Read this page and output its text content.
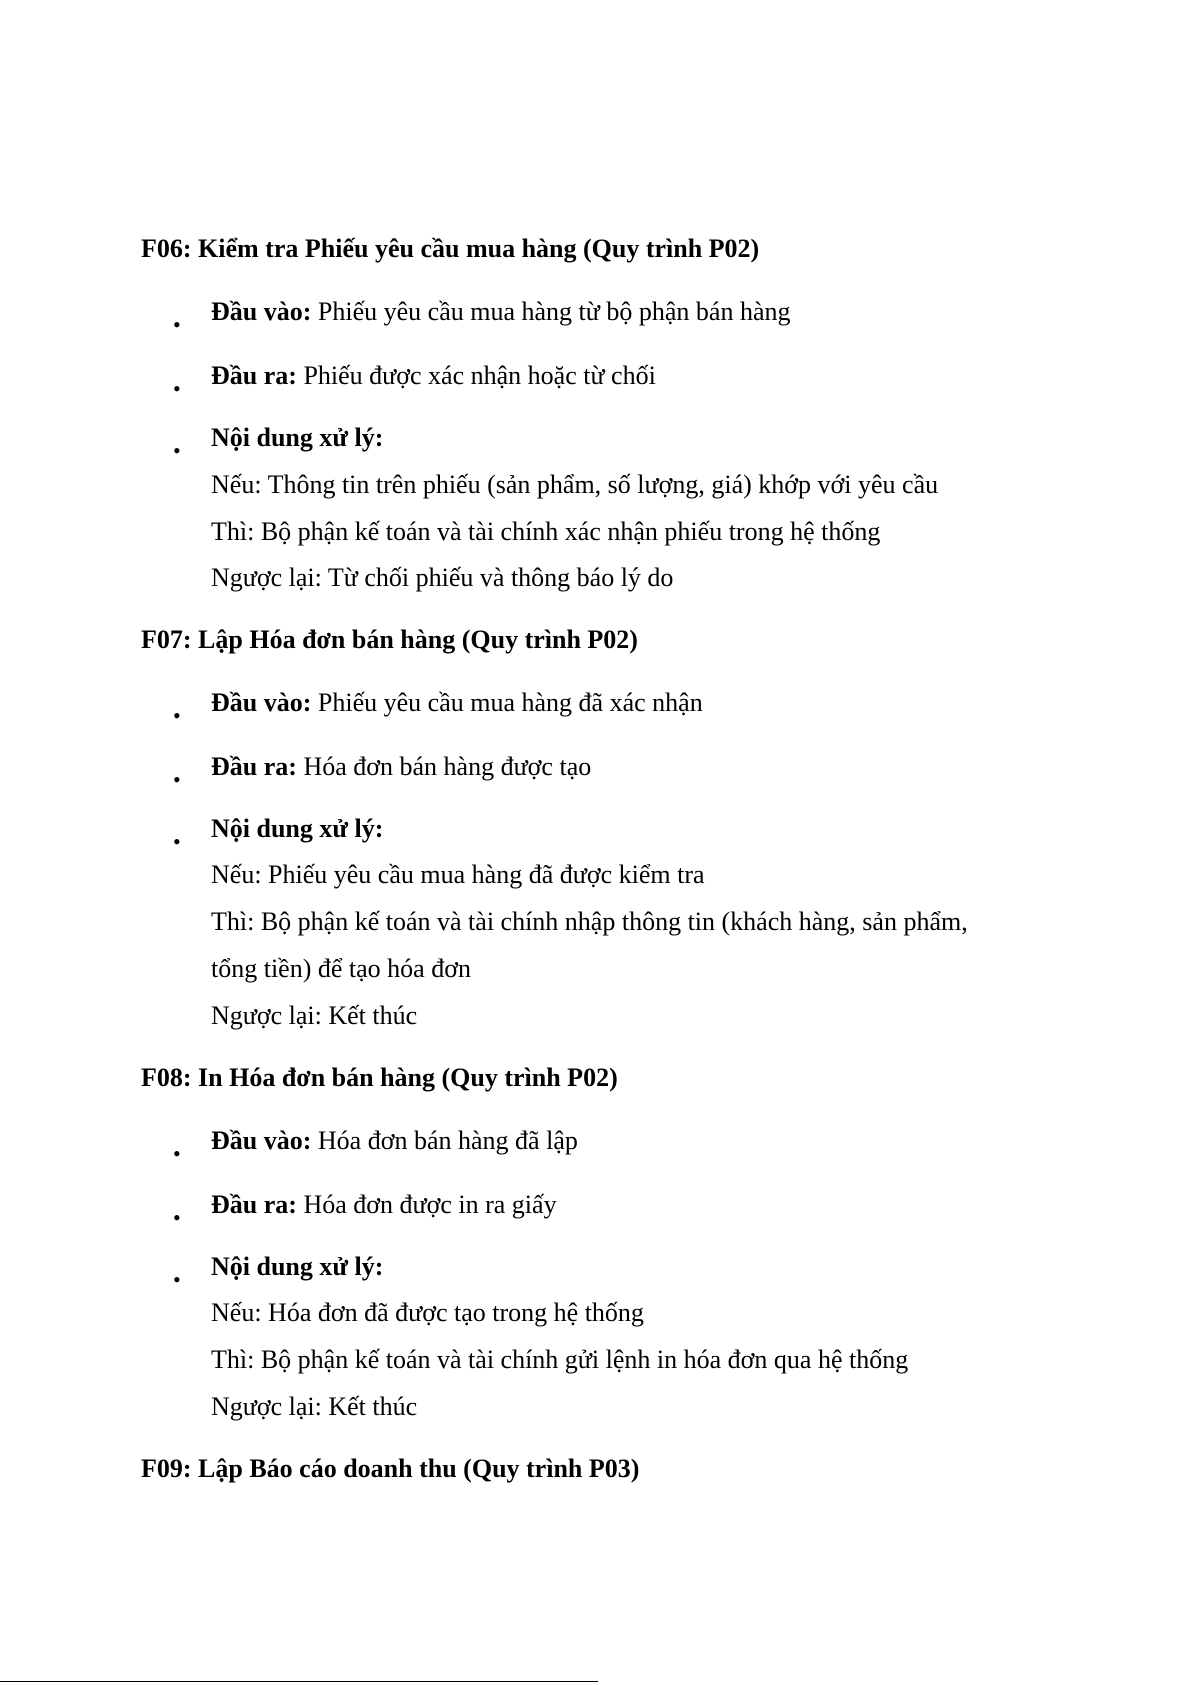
F06: Kiểm tra Phiếu yêu cầu mua hàng (Quy trình P02)
• Đầu vào: Phiếu yêu cầu mua hàng từ bộ phận bán hàng
• Đầu ra: Phiếu được xác nhận hoặc từ chối
• Nội dung xử lý:
Nếu: Thông tin trên phiếu (sản phẩm, số lượng, giá) khớp với yêu cầu
Thì: Bộ phận kế toán và tài chính xác nhận phiếu trong hệ thống
Ngược lại: Từ chối phiếu và thông báo lý do
F07: Lập Hóa đơn bán hàng (Quy trình P02)
• Đầu vào: Phiếu yêu cầu mua hàng đã xác nhận
• Đầu ra: Hóa đơn bán hàng được tạo
• Nội dung xử lý:
Nếu: Phiếu yêu cầu mua hàng đã được kiểm tra
Thì: Bộ phận kế toán và tài chính nhập thông tin (khách hàng, sản phẩm,
tổng tiền) để tạo hóa đơn
Ngược lại: Kết thúc
F08: In Hóa đơn bán hàng (Quy trình P02)
• Đầu vào: Hóa đơn bán hàng đã lập
• Đầu ra: Hóa đơn được in ra giấy
• Nội dung xử lý:
Nếu: Hóa đơn đã được tạo trong hệ thống
Thì: Bộ phận kế toán và tài chính gửi lệnh in hóa đơn qua hệ thống
Ngược lại: Kết thúc
F09: Lập Báo cáo doanh thu (Quy trình P03)
